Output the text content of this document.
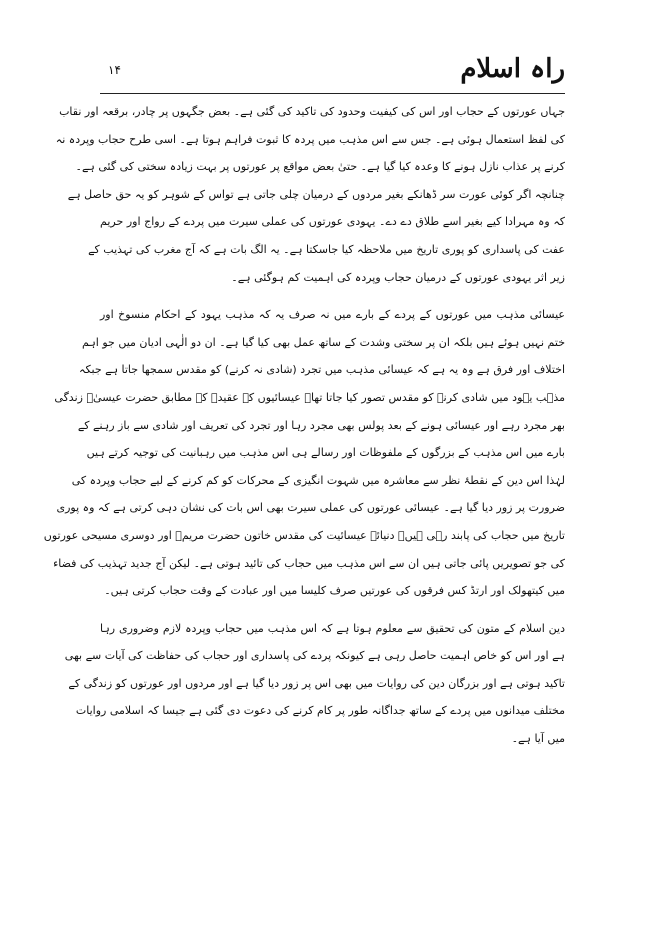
راہ اسلام
۱۴
جہاں عورتوں کے حجاب اور اس کی کیفیت وحدود کی تاکید کی گئی ہے۔ بعض جگہوں پر چادر، برقعہ اور نقاب
کی لفظ استعمال ہوئی ہے۔ جس سے اس مذہب میں پردہ کا ثبوت فراہم ہوتا ہے۔ اسی طرح حجاب وپردہ نہ
کرنے پر عذاب نازل ہونے کا وعدہ کیا گیا ہے۔ حتیٰ بعض مواقع پر عورتوں پر بہت زیادہ سختی کی گئی ہے۔
چنانچہ اگر کوئی عورت سر ڈھانکے بغیر مردوں کے درمیان چلی جاتی ہے تواس کے شوہر کو یہ حق حاصل ہے
کہ وہ مہرادا کیے بغیر اسے طلاق دے دے۔ یہودی عورتوں کی عملی سیرت میں پردے کے رواج اور حریم
عفت کی پاسداری کو پوری تاریخ میں ملاحظہ کیا جاسکتا ہے۔ یہ الگ بات ہے کہ آج مغرب کی تہذیب کے
زیر اثر یہودی عورتوں کے درمیان حجاب وپردہ کی اہمیت کم ہوگئی ہے۔
عیسائی مذہب میں عورتوں کے پردے کے بارے میں نہ صرف یہ کہ مذہب یہود کے احکام منسوخ اور
ختم نہیں ہوئے ہیں بلکہ ان پر سختی وشدت کے ساتھ عمل بھی کیا گیا ہے۔ ان دو الٰہی ادیان میں جو اہم
اختلاف اور فرق ہے وہ یہ ہے کہ عیسائی مذہب میں تجرد (شادی نہ کرنے) کو مقدس سمجھا جاتا ہے جبکہ
مذہب یہود میں شادی کرنے کو مقدس تصور کیا جاتا تھا۔ عیسائیوں کے عقیدہ کے مطابق حضرت عیسیٰؑ زندگی
بھر مجرد رہے اور عیسائی ہونے کے بعد پولس بھی مجرد رہا اور تجرد کی تعریف اور شادی سے باز رہنے کے
بارے میں اس مذہب کے بزرگوں کے ملفوظات اور رسالے ہی اس مذہب میں رہبانیت کی توجیہ کرتے ہیں
لہٰذا اس دین کے نقطۂ نظر سے معاشرہ میں شہوت انگیزی کے محرکات کو کم کرنے کے لیے حجاب وپردہ کی
ضرورت پر زور دیا گیا ہے۔ عیسائی عورتوں کی عملی سیرت بھی اس بات کی نشان دہی کرتی ہے کہ وہ پوری
تاریخ میں حجاب کی پابند رہی ہیں۔ دنیائے عیسائیت کی مقدس خاتون حضرت مریمؑ اور دوسری مسیحی عورتوں
کی جو تصویریں پائی جاتی ہیں ان سے اس مذہب میں حجاب کی تائید ہوتی ہے۔ لیکن آج جدید تہذیب کی فضاء
میں کیتھولک اور ارتڈ کس فرقوں کی عورتیں صرف کلیسا میں اور عبادت کے وقت حجاب کرتی ہیں۔
دین اسلام کے متون کی تحقیق سے معلوم ہوتا ہے کہ اس مذہب میں حجاب وپردہ لازم وضروری رہا
ہے اور اس کو خاص اہمیت حاصل رہی ہے کیونکہ پردے کی پاسداری اور حجاب کی حفاظت کی آیات سے بھی
تاکید ہوتی ہے اور بزرگان دین کی روایات میں بھی اس پر زور دیا گیا ہے اور مردوں اور عورتوں کو زندگی کے
مختلف میدانوں میں پردے کے ساتھ جداگانہ طور پر کام کرنے کی دعوت دی گئی ہے جیسا کہ اسلامی روایات
میں آیا ہے۔
